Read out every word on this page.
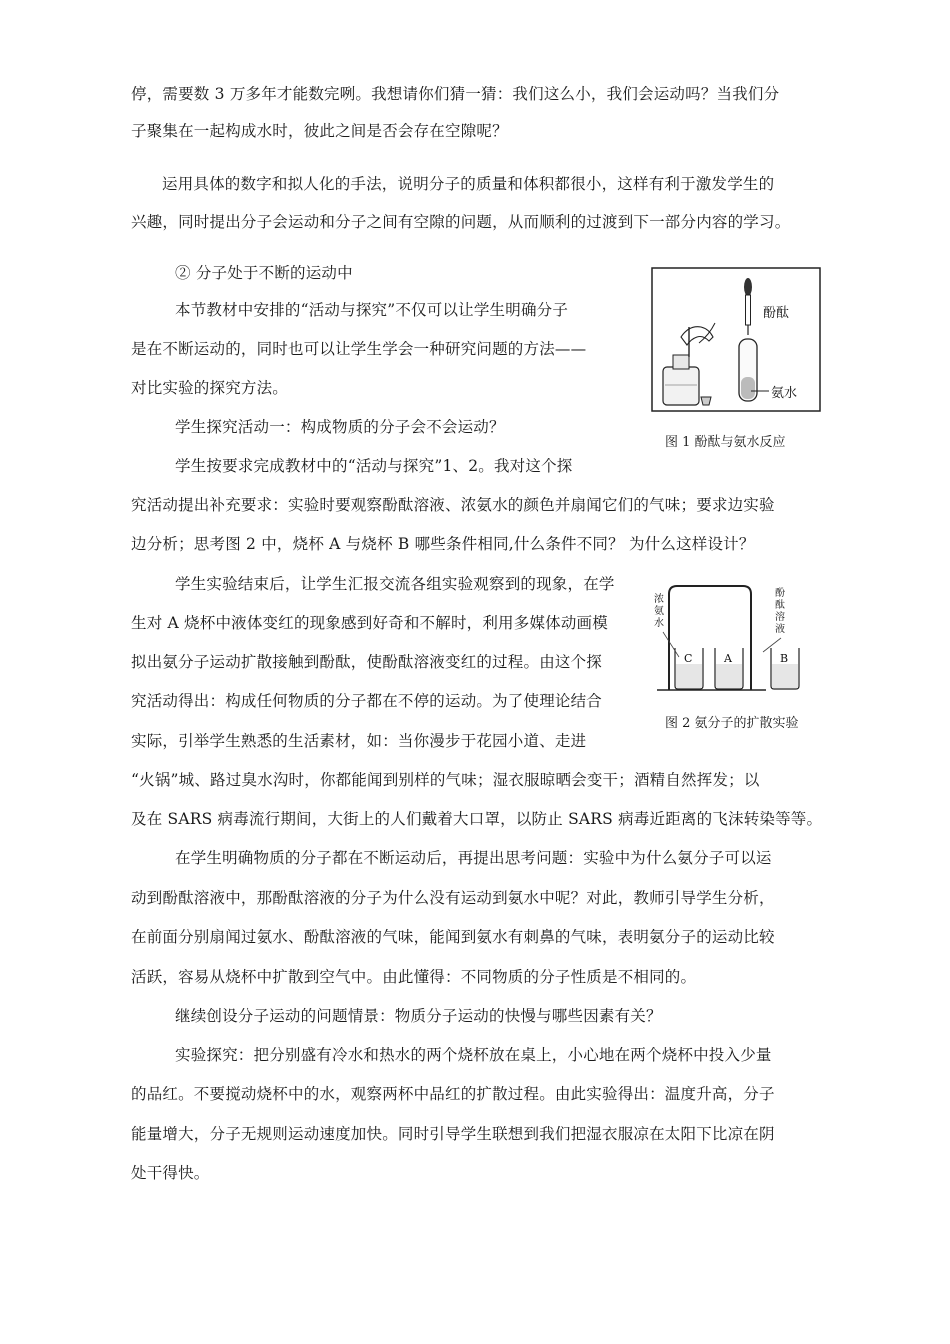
停，需要数 3 万多年才能数完咧。我想请你们猜一猜：我们这么小，我们会运动吗？当我们分
子聚集在一起构成水时，彼此之间是否会存在空隙呢？
运用具体的数字和拟人化的手法，说明分子的质量和体积都很小，这样有利于激发学生的
兴趣，同时提出分子会运动和分子之间有空隙的问题，从而顺利的过渡到下一部分内容的学习。
② 分子处于不断的运动中
本节教材中安排的“活动与探究”不仅可以让学生明确分子
是在不断运动的，同时也可以让学生学会一种研究问题的方法——
对比实验的探究方法。
学生探究活动一：构成物质的分子会不会运动？
学生按要求完成教材中的“活动与探究”1、2。我对这个探
究活动提出补充要求：实验时要观察酚酞溶液、浓氨水的颜色并扇闻它们的气味；要求边实验
边分析；思考图 2 中，烧杯 A 与烧杯 B 哪些条件相同,什么条件不同？ 为什么这样设计？
学生实验结束后，让学生汇报交流各组实验观察到的现象，在学
生对 A 烧杯中液体变红的现象感到好奇和不解时，利用多媒体动画模
拟出氨分子运动扩散接触到酚酞，使酚酞溶液变红的过程。由这个探
究活动得出：构成任何物质的分子都在不停的运动。为了使理论结合
实际，引举学生熟悉的生活素材，如：当你漫步于花园小道、走进
“火锅”城、路过臭水沟时，你都能闻到别样的气味；湿衣服晾晒会变干；酒精自然挥发；以
及在 SARS 病毒流行期间，大街上的人们戴着大口罩，以防止 SARS 病毒近距离的飞沫转染等等。
在学生明确物质的分子都在不断运动后，再提出思考问题：实验中为什么氨分子可以运
动到酚酞溶液中，那酚酞溶液的分子为什么没有运动到氨水中呢？对此，教师引导学生分析，
在前面分别扇闻过氨水、酚酞溶液的气味，能闻到氨水有刺鼻的气味，表明氨分子的运动比较
活跃，容易从烧杯中扩散到空气中。由此懂得：不同物质的分子性质是不相同的。
继续创设分子运动的问题情景：物质分子运动的快慢与哪些因素有关？
实验探究：把分别盛有冷水和热水的两个烧杯放在桌上，小心地在两个烧杯中投入少量
的品红。不要搅动烧杯中的水，观察两杯中品红的扩散过程。由此实验得出：温度升高，分子
能量增大，分子无规则运动速度加快。同时引导学生联想到我们把湿衣服凉在太阳下比凉在阴
处干得快。
酚酞
氨水
图 1 酚酞与氨水反应
C	A	B
浓
氨
水
酚
酞
溶
液
图 2 氨分子的扩散实验
